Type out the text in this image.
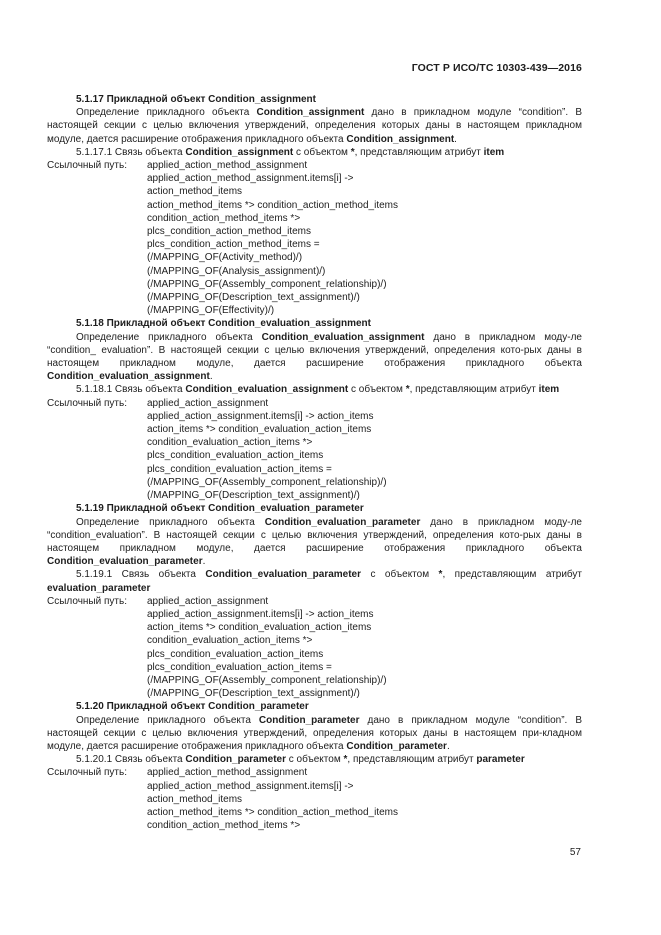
ГОСТ Р ИСО/ТС 10303-439—2016
5.1.17 Прикладной объект Condition_assignment
Определение прикладного объекта Condition_assignment дано в прикладном модуле “condition”. В настоящей секции с целью включения утверждений, определения которых даны в настоящем прикладном модуле, дается расширение отображения прикладного объекта Condition_assignment.
5.1.17.1 Связь объекта Condition_assignment с объектом *, представляющим атрибут item
Ссылочный путь: applied_action_method_assignment
applied_action_method_assignment.items[i] ->
action_method_items
action_method_items *> condition_action_method_items
condition_action_method_items *>
plcs_condition_action_method_items
plcs_condition_action_method_items =
(/MAPPING_OF(Activity_method)/)
(/MAPPING_OF(Analysis_assignment)/)
(/MAPPING_OF(Assembly_component_relationship)/)
(/MAPPING_OF(Description_text_assignment)/)
(/MAPPING_OF(Effectivity)/)
5.1.18 Прикладной объект Condition_evaluation_assignment
Определение прикладного объекта Condition_evaluation_assignment дано в прикладном моду-ле “condition_ evaluation”. В настоящей секции с целью включения утверждений, определения кото-рых даны в настоящем прикладном модуле, дается расширение отображения прикладного объекта Condition_evaluation_assignment.
5.1.18.1 Связь объекта Condition_evaluation_assignment с объектом *, представляющим атрибут item
Ссылочный путь: applied_action_assignment
applied_action_assignment.items[i] -> action_items
action_items *> condition_evaluation_action_items
condition_evaluation_action_items *>
plcs_condition_evaluation_action_items
plcs_condition_evaluation_action_items =
(/MAPPING_OF(Assembly_component_relationship)/)
(/MAPPING_OF(Description_text_assignment)/)
5.1.19 Прикладной объект Condition_evaluation_parameter
Определение прикладного объекта Condition_evaluation_parameter дано в прикладном моду-ле “condition_evaluation”. В настоящей секции с целью включения утверждений, определения кото-рых даны в настоящем прикладном модуле, дается расширение отображения прикладного объекта Condition_evaluation_parameter.
5.1.19.1 Связь объекта Condition_evaluation_parameter с объектом *, представляющим атрибут evaluation_parameter
Ссылочный путь: applied_action_assignment
applied_action_assignment.items[i] -> action_items
action_items *> condition_evaluation_action_items
condition_evaluation_action_items *>
plcs_condition_evaluation_action_items
plcs_condition_evaluation_action_items =
(/MAPPING_OF(Assembly_component_relationship)/)
(/MAPPING_OF(Description_text_assignment)/)
5.1.20 Прикладной объект Condition_parameter
Определение прикладного объекта Condition_parameter дано в прикладном модуле “condition”. В настоящей секции с целью включения утверждений, определения которых даны в настоящем при-кладном модуле, дается расширение отображения прикладного объекта Condition_parameter.
5.1.20.1 Связь объекта Condition_parameter с объектом *, представляющим атрибут parameter
Ссылочный путь: applied_action_method_assignment
applied_action_method_assignment.items[i] ->
action_method_items
action_method_items *> condition_action_method_items
condition_action_method_items *>
57
